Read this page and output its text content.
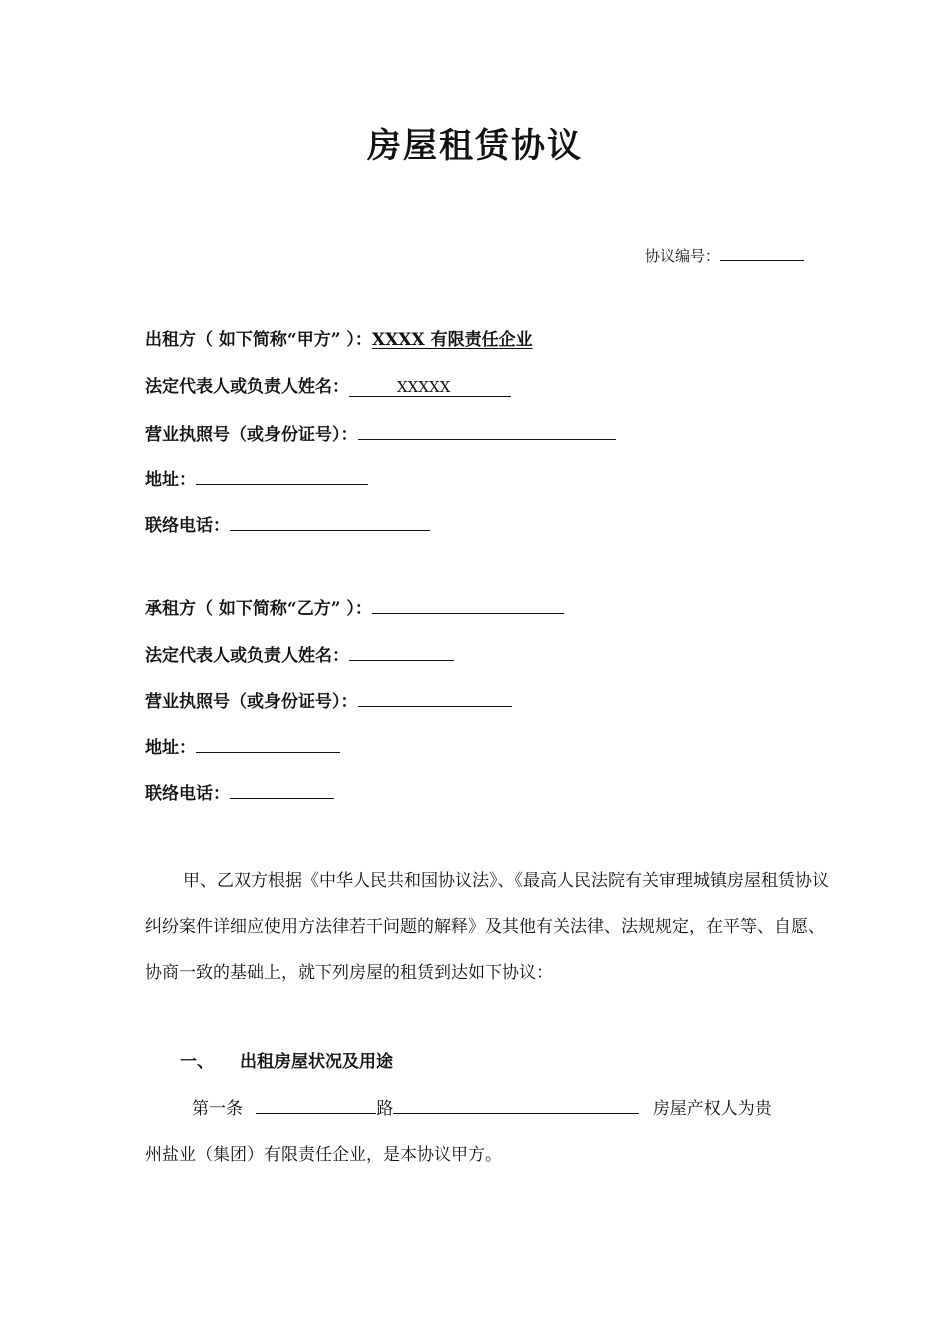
房屋租赁协议
协议编号：
出租方（ 如下简称“甲方” ）：XXXX 有限责任企业
法定代表人或负责人姓名：	XXXXX
营业执照号（或身份证号）：
地址：
联络电话：
承租方（ 如下简称“乙方” ）：
法定代表人或负责人姓名：
营业执照号（或身份证号）：
地址：
联络电话：
甲、乙双方根据《中华人民共和国协议法》、《最高人民法院有关审理城镇房屋租赁协议纠纷案件详细应使用方法律若干问题的解释》及其他有关法律、法规规定，在平等、自愿、协商一致的基础上，就下列房屋的租赁到达如下协议：
一、 出租房屋状况及用途
第一条	路	房屋产权人为贵
州盐业（集团）有限责任企业，是本协议甲方。
